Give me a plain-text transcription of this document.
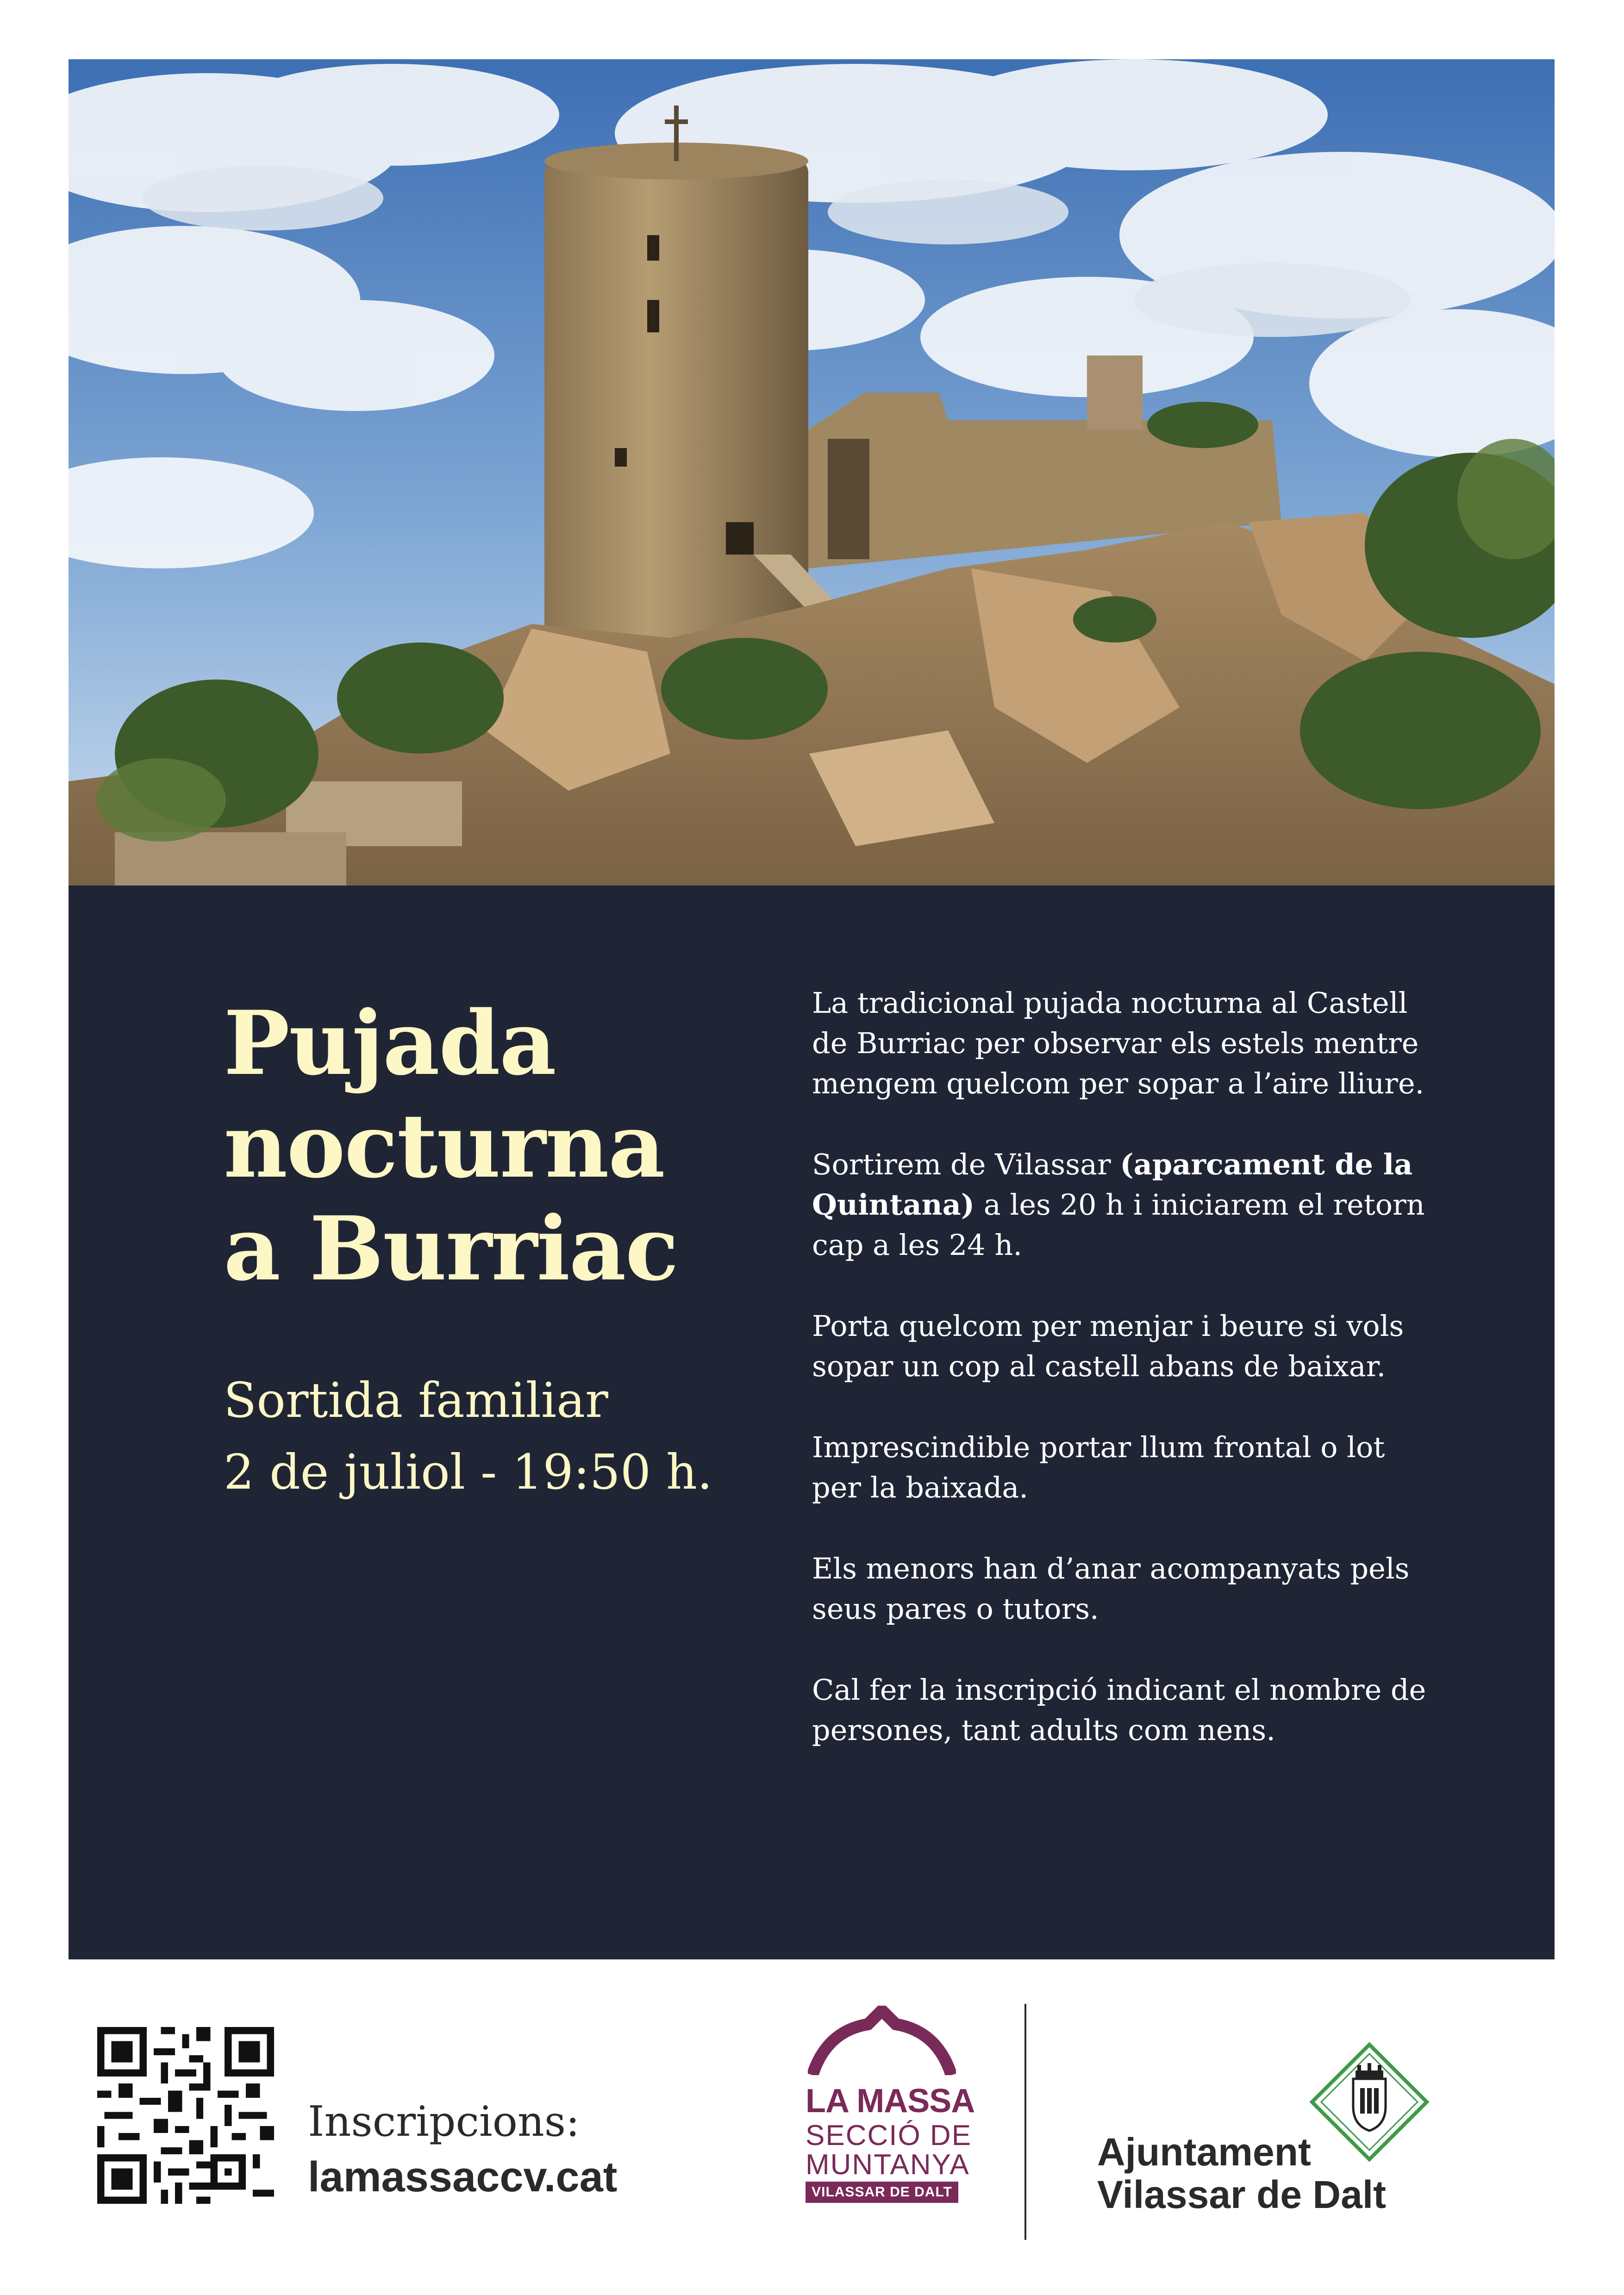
Pujada
nocturna
a Burriac
Sortida familiar
2 de juliol - 19:50 h.

La tradicional pujada nocturna al Castell de Burriac per observar els estels mentre mengem quelcom per sopar a l’aire lliure.

Sortirem de Vilassar (aparcament de la Quintana) a les 20 h i iniciarem el retorn cap a les 24 h.

Porta quelcom per menjar i beure si vols sopar un cop al castell abans de baixar.

Imprescindible portar llum frontal o lot per la baixada.

Els menors han d’anar acompanyats pels seus pares o tutors.

Cal fer la inscripció indicant el nombre de persones, tant adults com nens.

Inscripcions:
lamassaccv.cat
LA MASSA
SECCIÓ DE
MUNTANYA
VILASSAR DE DALT
Ajuntament
Vilassar de Dalt
